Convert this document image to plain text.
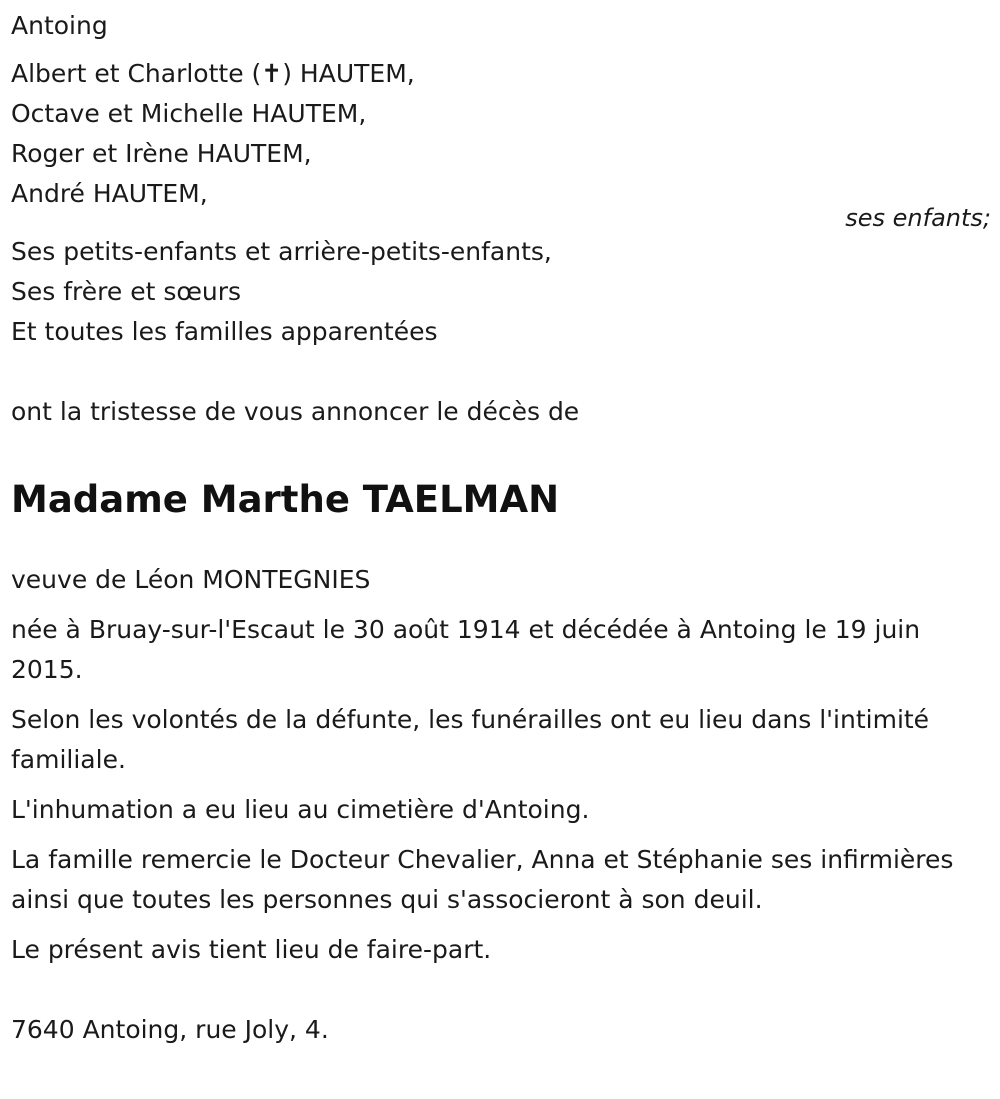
Antoing
Albert et Charlotte (✝) HAUTEM,
Octave et Michelle HAUTEM,
Roger et Irène HAUTEM,
André HAUTEM,
Ses petits-enfants et arrière-petits-enfants,
Ses frère et sœurs
Et toutes les familles apparentées
ont la tristesse de vous annoncer le décès de
Madame Marthe TAELMAN
veuve de Léon MONTEGNIES
née à Bruay-sur-l'Escaut le 30 août 1914 et décédée à Antoing le 19 juin 2015.
Selon les volontés de la défunte, les funérailles ont eu lieu dans l'intimité familiale.
L'inhumation a eu lieu au cimetière d'Antoing.
La famille remercie le Docteur Chevalier, Anna et Stéphanie ses infirmières ainsi que toutes les personnes qui s'associeront à son deuil.
Le présent avis tient lieu de faire-part.
7640 Antoing, rue Joly, 4.
ses enfants;
